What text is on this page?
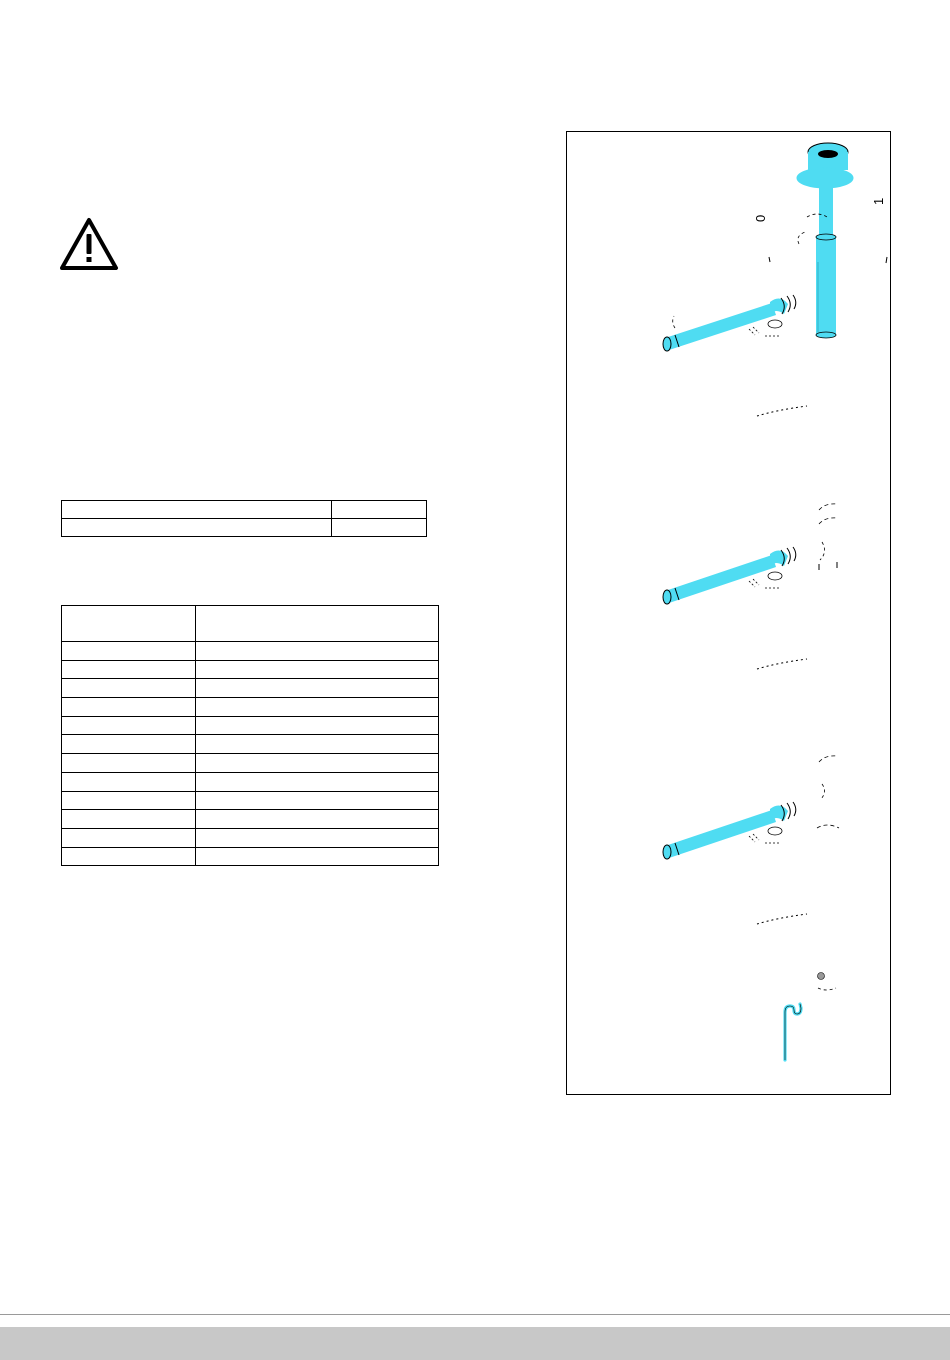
0
1
